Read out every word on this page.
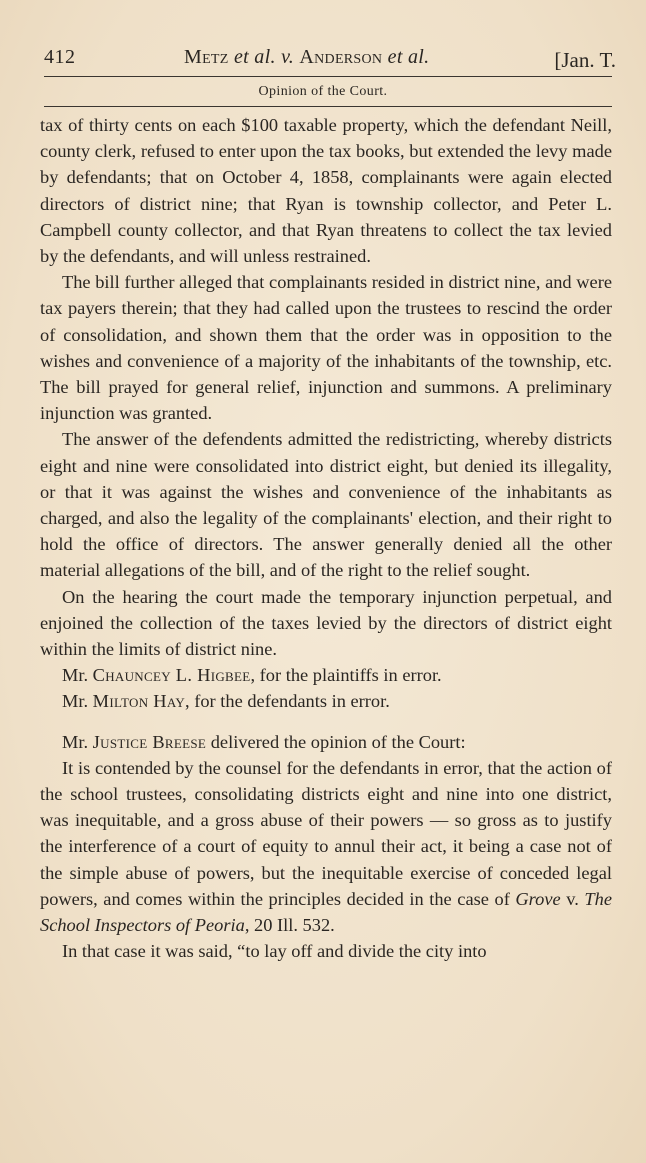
412	Metz et al. v. Anderson et al.	[Jan. T.
Opinion of the Court.

tax of thirty cents on each $100 taxable property, which the defendant Neill, county clerk, refused to enter upon the tax books, but extended the levy made by defendants; that on October 4, 1858, complainants were again elected directors of district nine; that Ryan is township collector, and Peter L. Campbell county collector, and that Ryan threatens to collect the tax levied by the defendants, and will unless restrained.

The bill further alleged that complainants resided in district nine, and were tax payers therein; that they had called upon the trustees to rescind the order of consolidation, and shown them that the order was in opposition to the wishes and convenience of a majority of the inhabitants of the township, etc. The bill prayed for general relief, injunction and summons. A preliminary injunction was granted.

The answer of the defendents admitted the redistricting, whereby districts eight and nine were consolidated into district eight, but denied its illegality, or that it was against the wishes and convenience of the inhabitants as charged, and also the legality of the complainants' election, and their right to hold the office of directors. The answer generally denied all the other material allegations of the bill, and of the right to the relief sought.

On the hearing the court made the temporary injunction perpetual, and enjoined the collection of the taxes levied by the directors of district eight within the limits of district nine.

Mr. Chauncey L. Higbee, for the plaintiffs in error.

Mr. Milton Hay, for the defendants in error.

Mr. Justice Breese delivered the opinion of the Court:

It is contended by the counsel for the defendants in error, that the action of the school trustees, consolidating districts eight and nine into one district, was inequitable, and a gross abuse of their powers — so gross as to justify the interference of a court of equity to annul their act, it being a case not of the simple abuse of powers, but the inequitable exercise of conceded legal powers, and comes within the principles decided in the case of Grove v. The School Inspectors of Peoria, 20 Ill. 532.

In that case it was said, “to lay off and divide the city into
